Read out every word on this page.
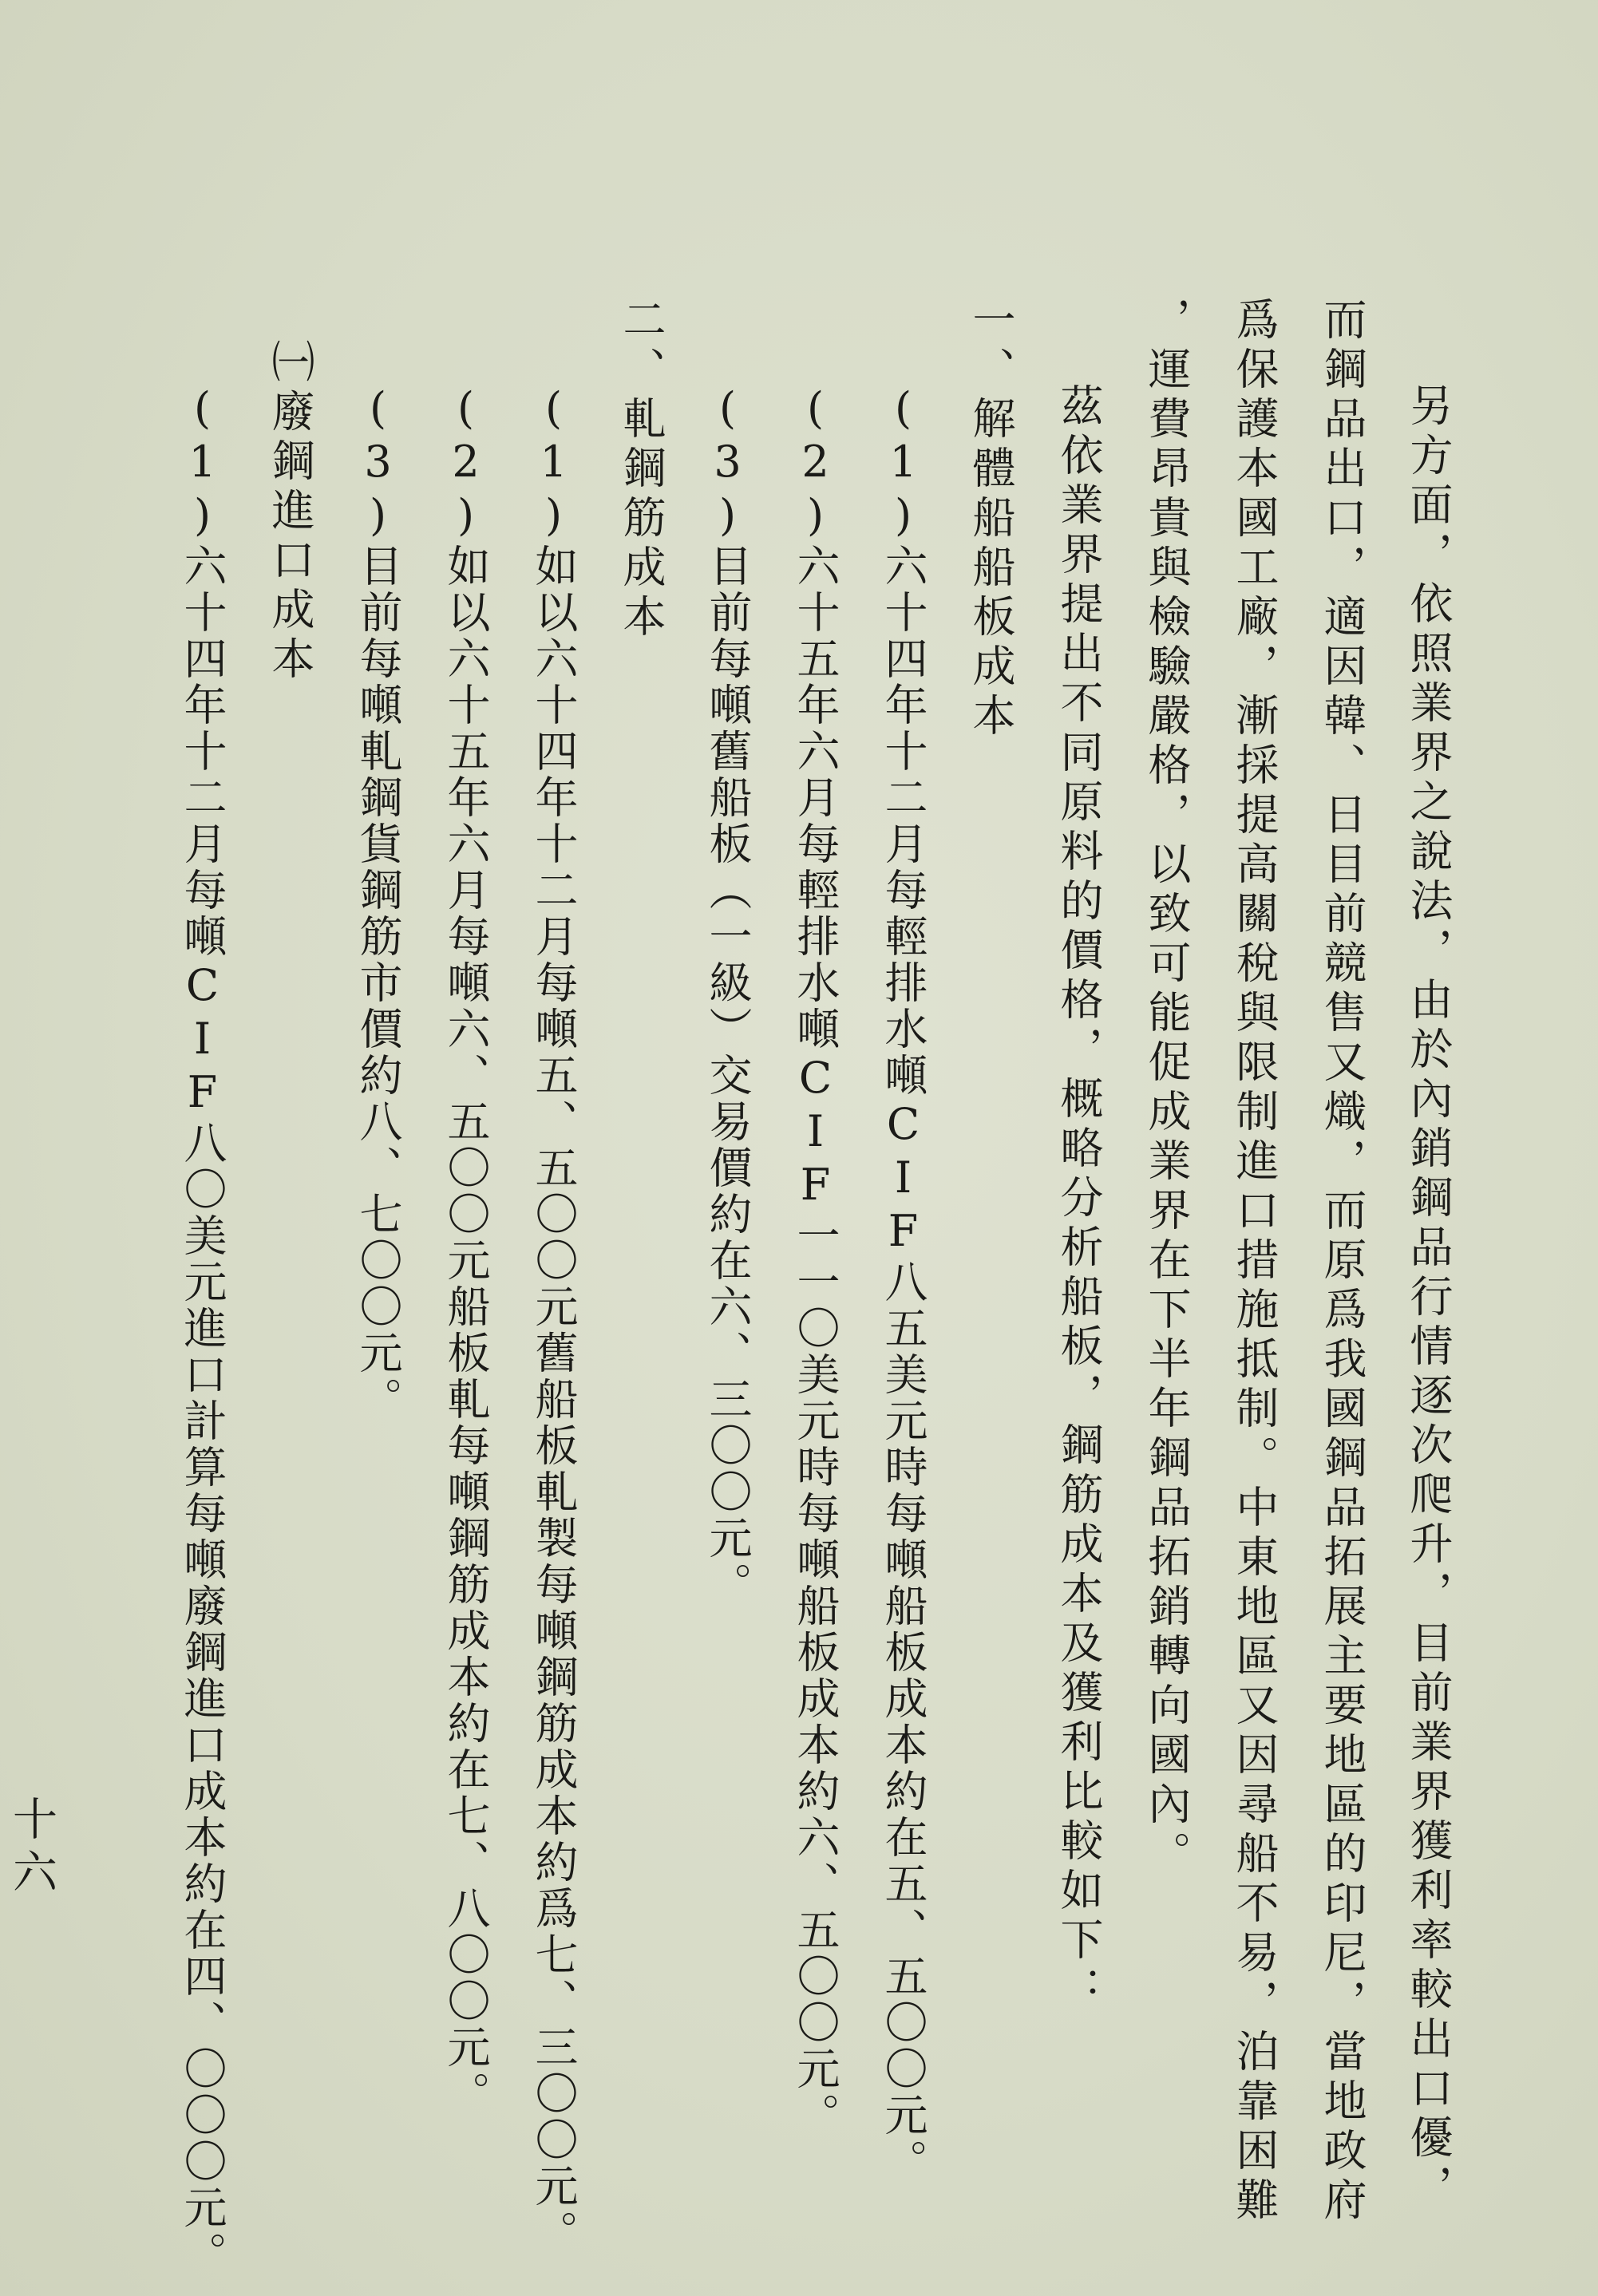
另方面，依照業界之說法，由於內銷鋼品行情逐次爬升，目前業界獲利率較出口優，
而鋼品出口，適因韓、日目前競售又熾，而原爲我國鋼品拓展主要地區的印尼，當地政府
爲保護本國工廠，漸採提高關稅與限制進口措施抵制。中東地區又因尋船不易，泊靠困難
，運費昂貴與檢驗嚴格，以致可能促成業界在下半年鋼品拓銷轉向國內。
茲依業界提出不同原料的價格，概略分析船板，鋼筋成本及獲利比較如下：
一、解體船船板成本
(1)六十四年十二月每輕排水噸CIF八五美元時每噸船板成本約在五、五〇〇元。
(2)六十五年六月每輕排水噸CIF一一〇美元時每噸船板成本約六、五〇〇元。
(3)目前每噸舊船板（一級）交易價約在六、三〇〇元。
二、軋鋼筋成本
(1)如以六十四年十二月每噸五、五〇〇元舊船板軋製每噸鋼筋成本約爲七、三〇〇元。
(2)如以六十五年六月每噸六、五〇〇元船板軋每噸鋼筋成本約在七、八〇〇元。
(3)目前每噸軋鋼貨鋼筋市價約八、七〇〇元。
㈠廢鋼進口成本
(1)六十四年十二月每噸CIF八〇美元進口計算每噸廢鋼進口成本約在四、〇〇〇元。
十六
